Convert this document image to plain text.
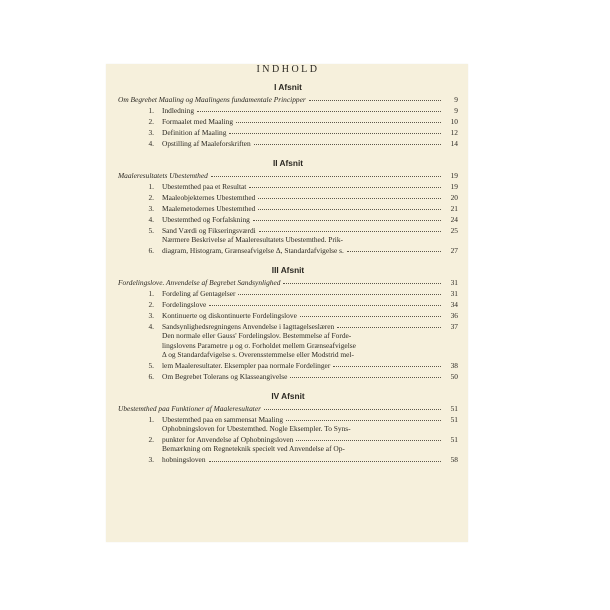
INDHOLD
I Afsnit
Om Begrebet Maaling og Maalingens fundamentale Principper	9
1.	Indledning	9
2.	Formaalet med Maaling	10
3.	Definition af Maaling	12
4.	Opstilling af Maaleforskriften	14
II Afsnit
Maaleresultatets Ubestemthed	19
1.	Ubestemthed paa et Resultat	19
2.	Maaleobjekternes Ubestemthed	20
3.	Maalemetodernes Ubestemthed	21
4.	Ubestemthed og Forfalskning	24
5.	Sand Værdi og Fikseringsværdi	25
6.
Nærmere Beskrivelse af Maaleresultatets Ubestemthed. Prik-
diagram, Histogram, Grænseafvigelse Δ, Standardafvigelse s.	27
III Afsnit
Fordelingslove. Anvendelse af Begrebet Sandsynlighed	31
1.	Fordeling af Gentagelser	31
2.	Fordelingslove	34
3.	Kontinuerte og diskontinuerte Fordelingslove	36
4.	Sandsynlighedsregningens Anvendelse i Iagttagelseslæren	37
5.
Den normale eller Gauss' Fordelingslov. Bestemmelse af Forde-
lingslovens Parametre μ og σ. Forholdet mellem Grænseafvigelse
Δ og Standardafvigelse s. Overensstemmelse eller Modstrid mel-
lem Maaleresultater. Eksempler paa normale Fordelinger	38
6.	Om Begrebet Tolerans og Klasseangivelse	50
IV Afsnit
Ubestemthed paa Funktioner af Maaleresultater	51
1.	Ubestemthed paa en sammensat Maaling	51
2.
Ophobningsloven for Ubestemthed. Nogle Eksempler. To Syns-
punkter for Anvendelse af Ophobningsloven	51
3.
Bemærkning om Regneteknik specielt ved Anvendelse af Op-
hobningsloven	58
